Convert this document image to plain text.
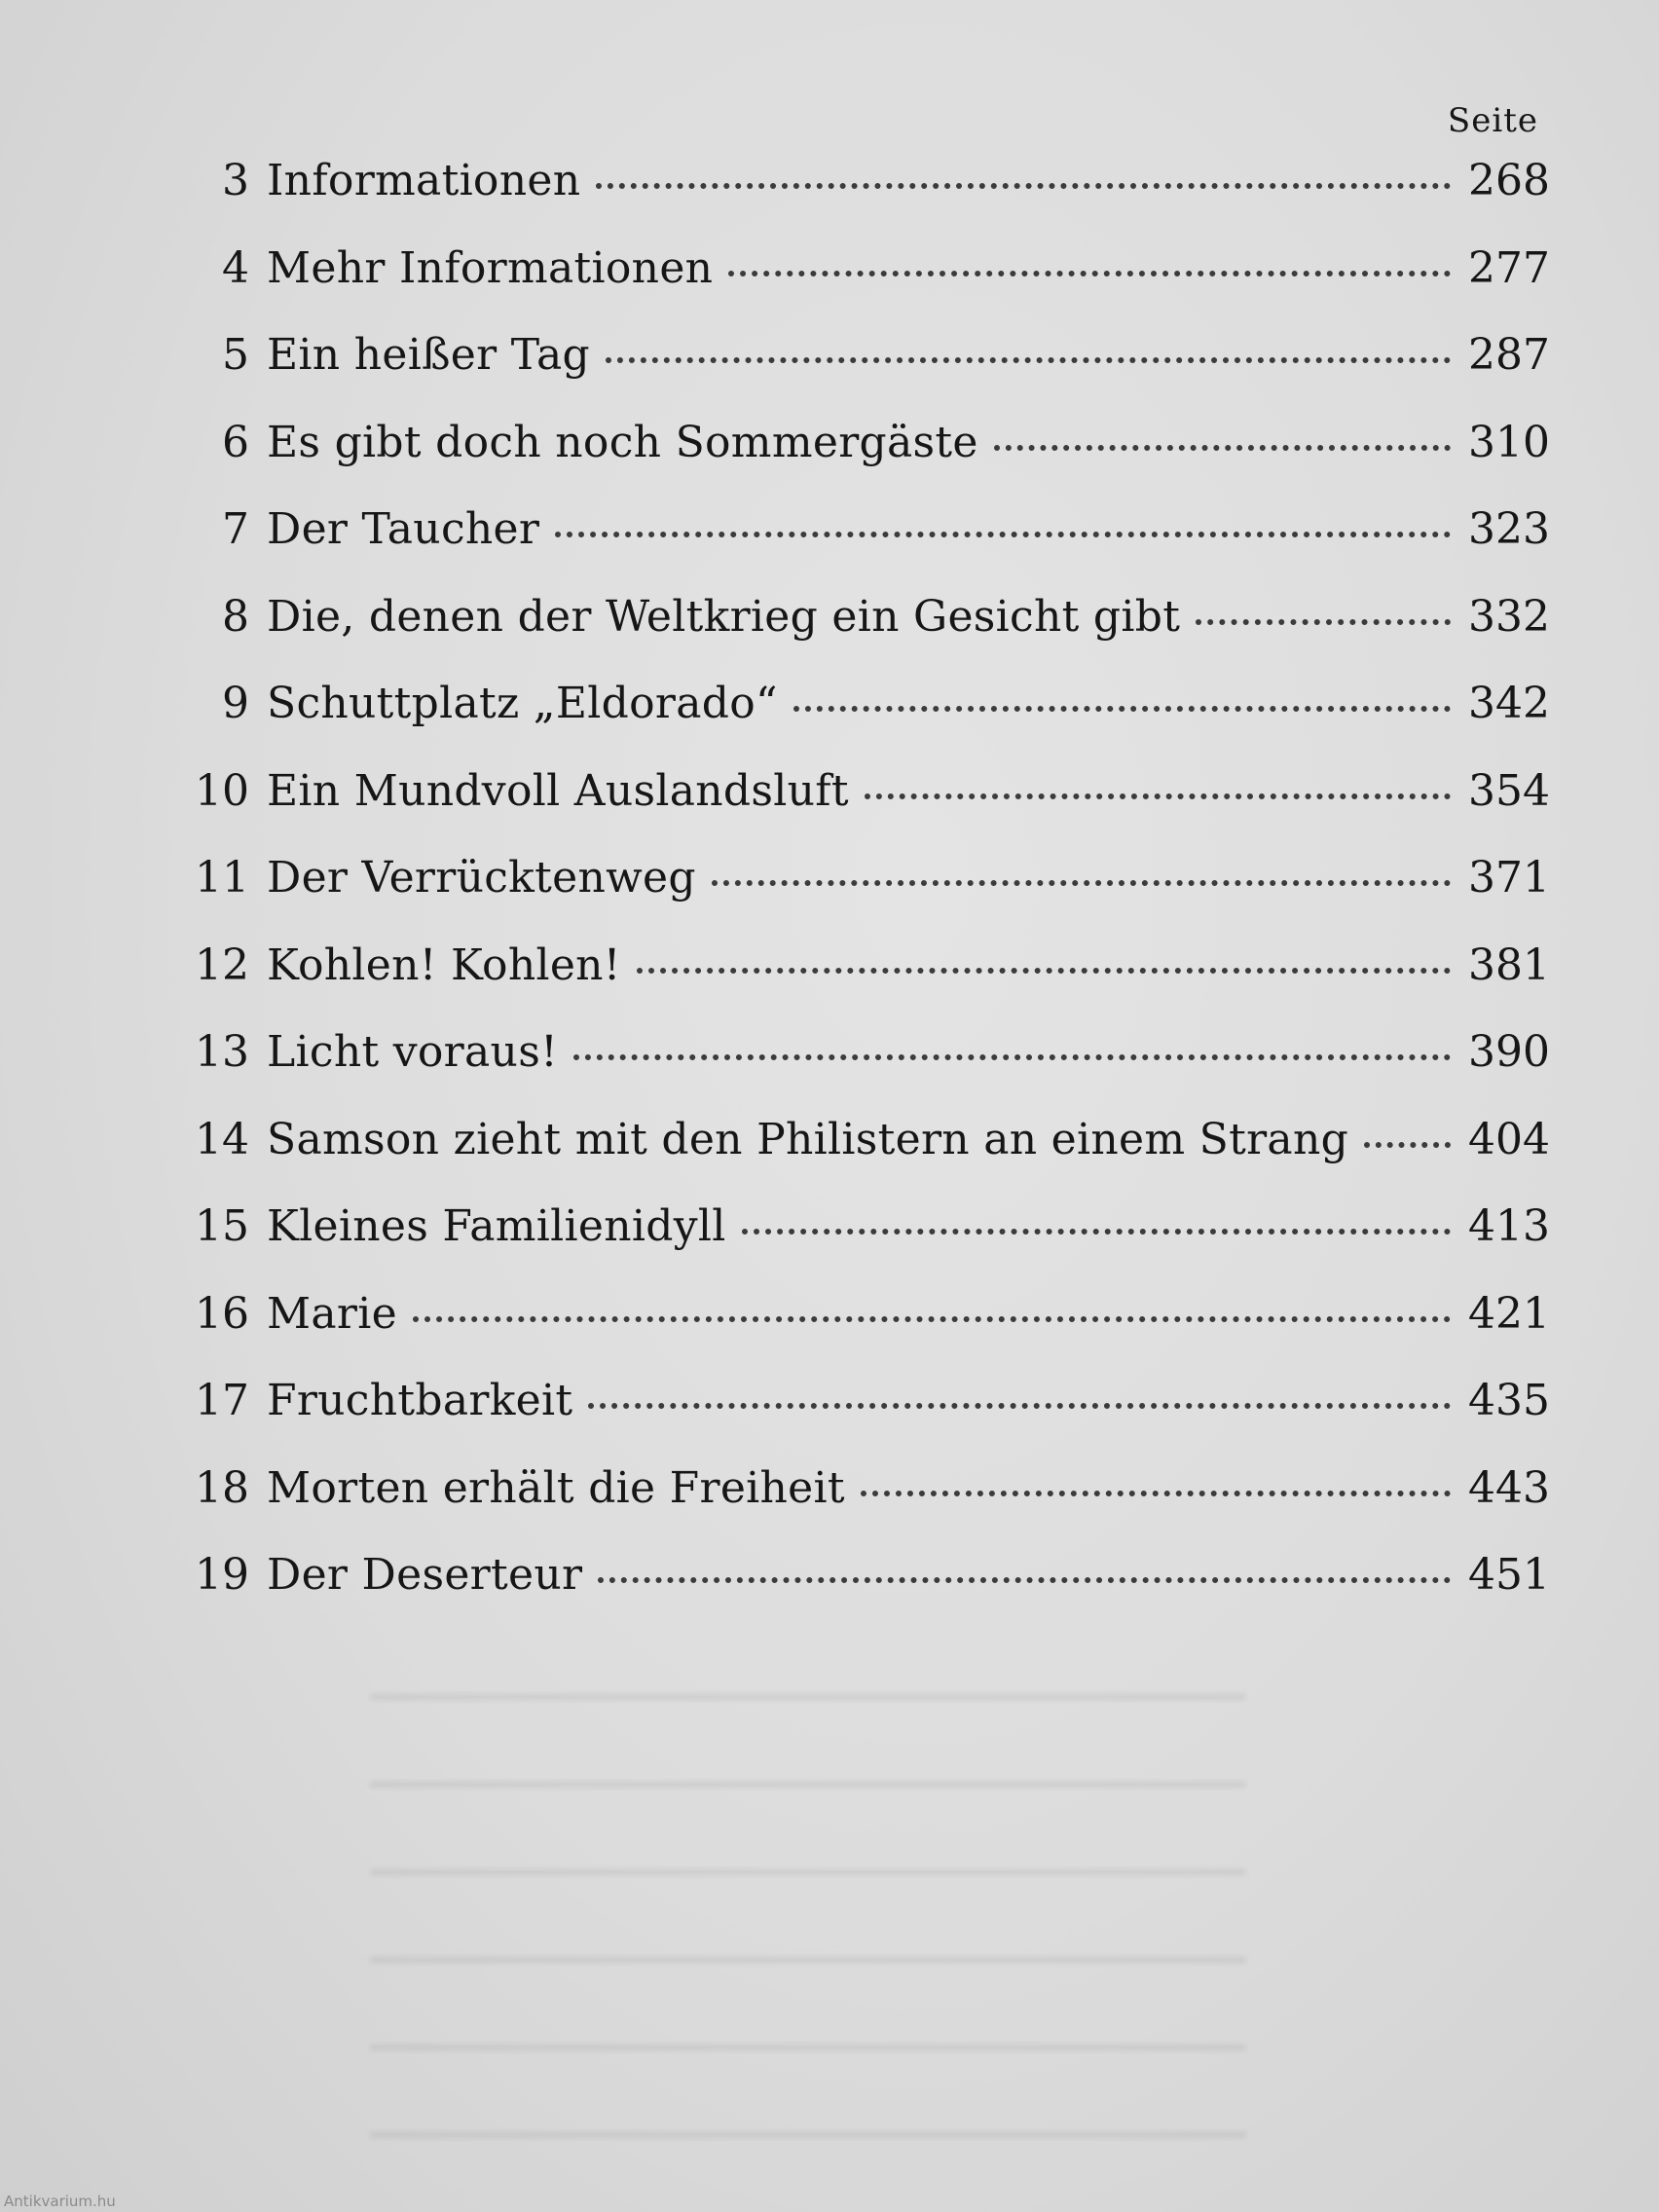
Seite
3 Informationen	268
4 Mehr Informationen	277
5 Ein heißer Tag	287
6 Es gibt doch noch Sommergäste	310
7 Der Taucher	323
8 Die, denen der Weltkrieg ein Gesicht gibt	332
9 Schuttplatz „Eldorado“	342
10 Ein Mundvoll Auslandsluft	354
11 Der Verrücktenweg	371
12 Kohlen! Kohlen!	381
13 Licht voraus!	390
14 Samson zieht mit den Philistern an einem Strang	404
15 Kleines Familienidyll	413
16 Marie	421
17 Fruchtbarkeit	435
18 Morten erhält die Freiheit	443
19 Der Deserteur	451
Antikvarium.hu
